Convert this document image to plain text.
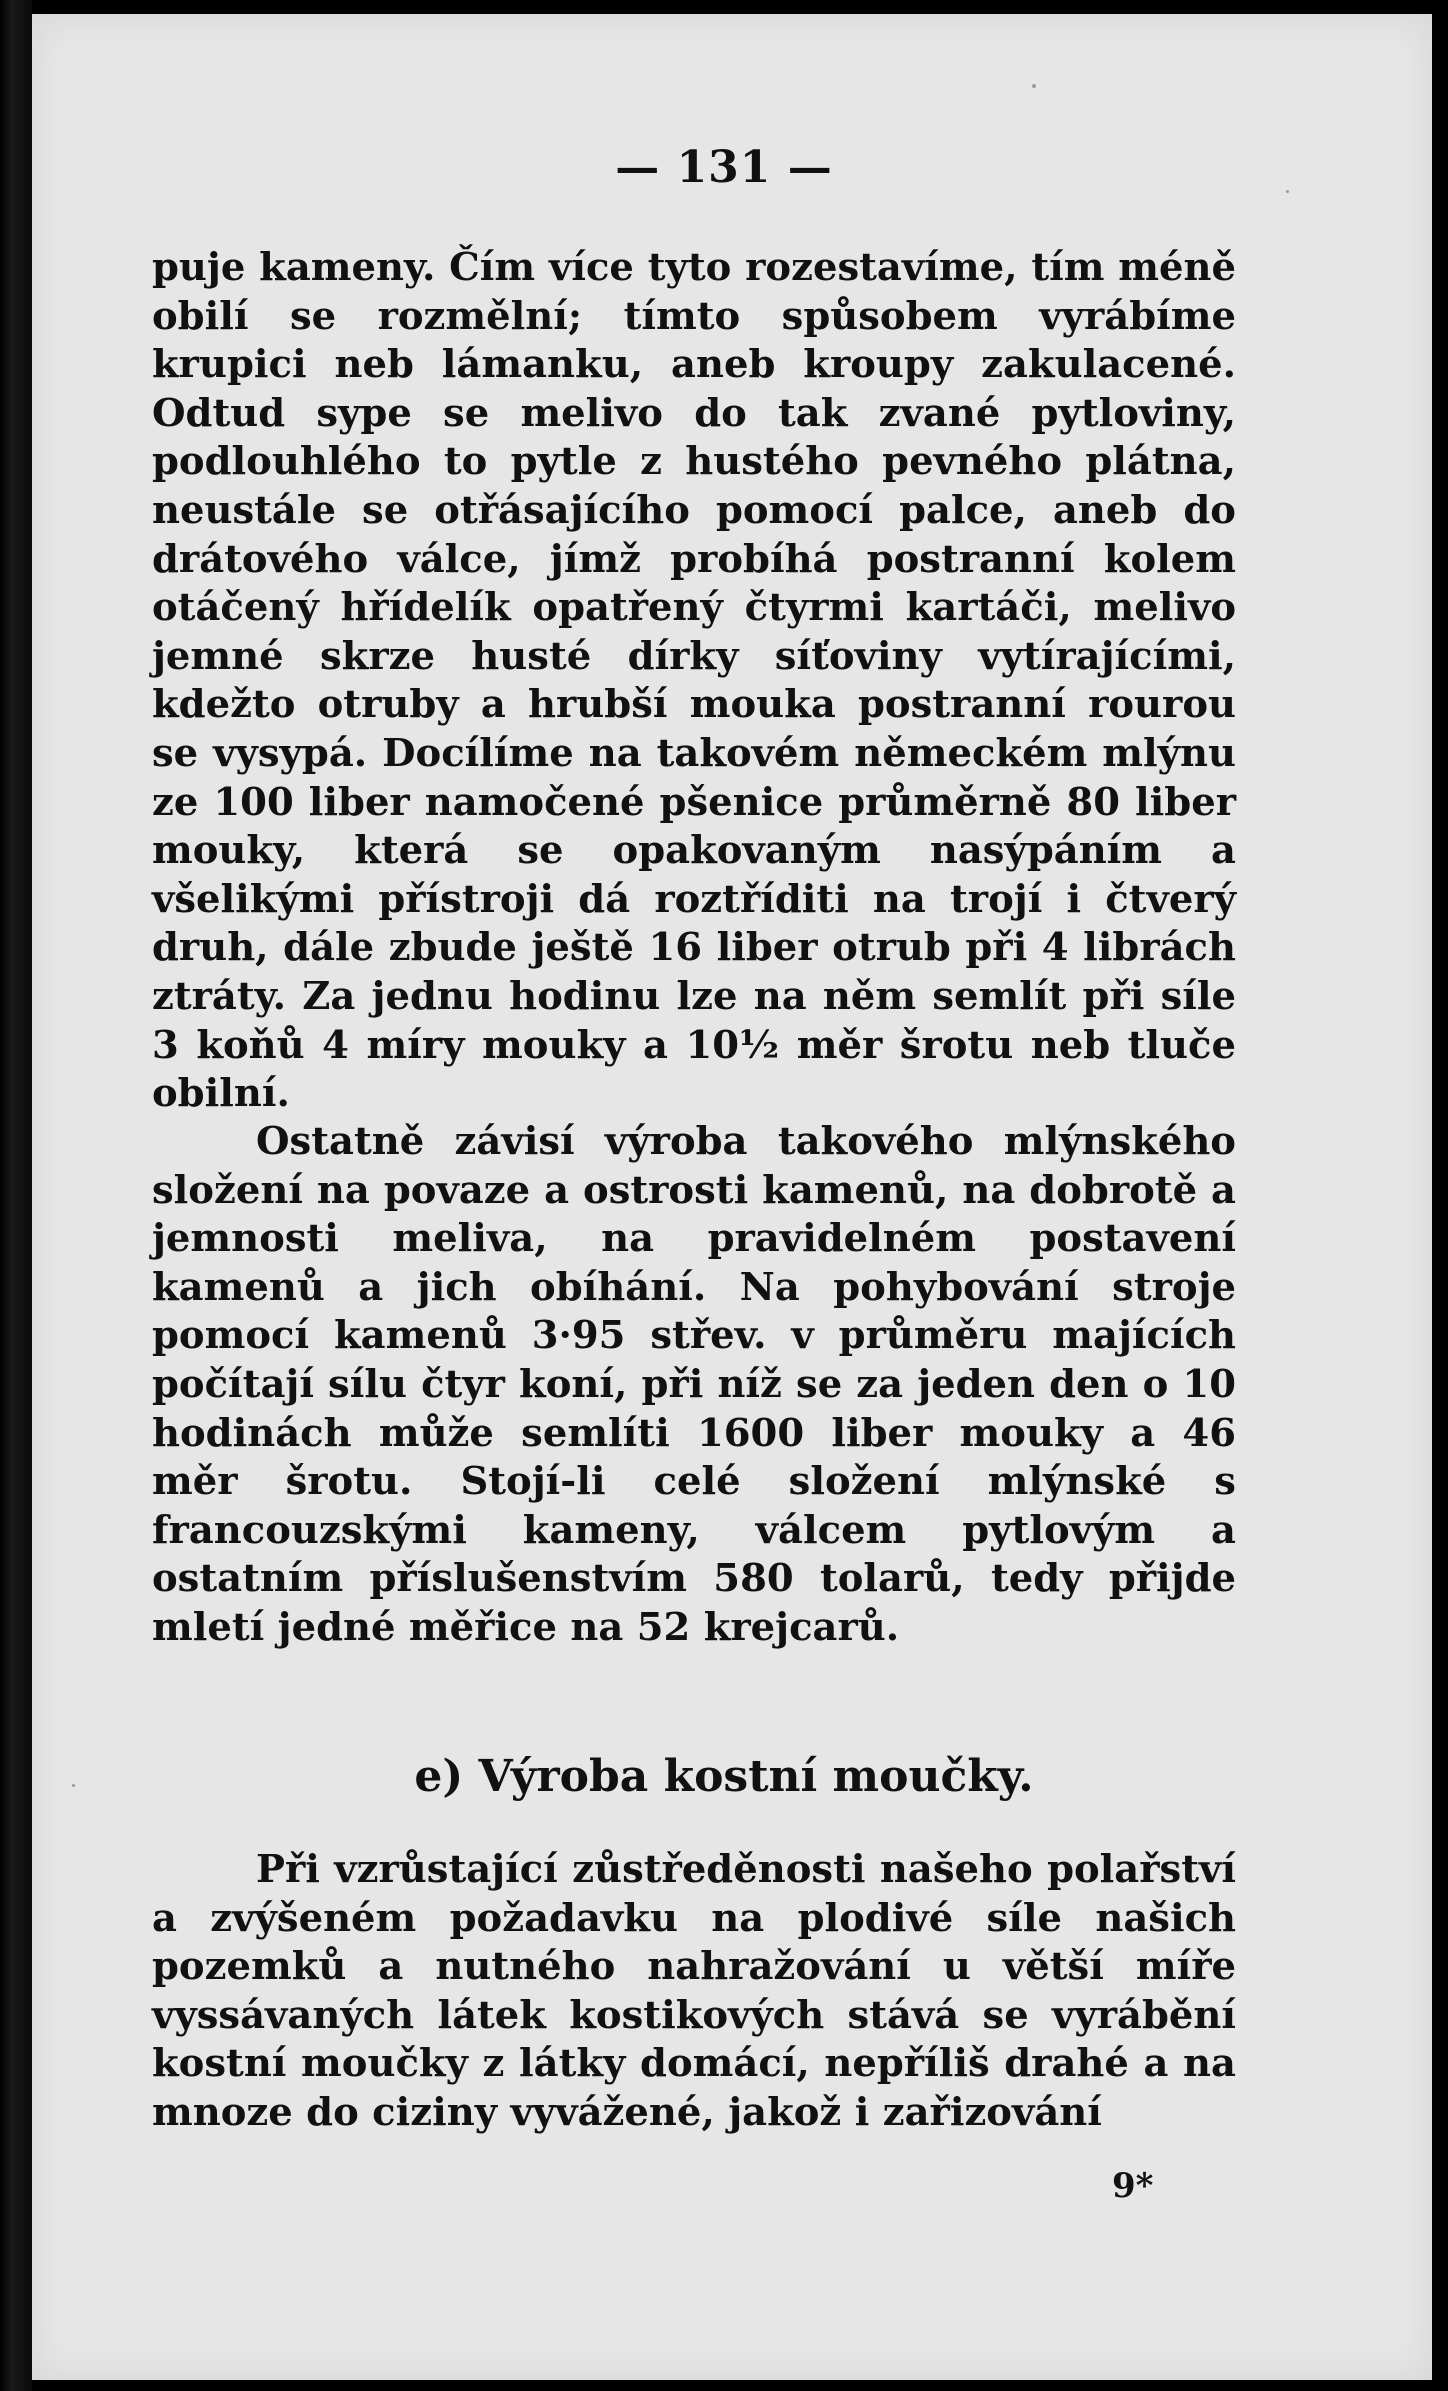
— 131 —

puje kameny. Čím více tyto rozestavíme, tím méně obilí se rozmělní; tímto spůsobem vyrábíme krupici neb lámanku, aneb kroupy zakulacené. Odtud sype se melivo do tak zvané pytloviny, podlouhlého to pytle z hustého pevného plátna, neustále se otřásajícího pomocí palce, aneb do drátového válce, jímž probíhá postranní kolem otáčený hřídelík opatřený čtyrmi kartáči, melivo jemné skrze husté dírky síťoviny vytírajícími, kdežto otruby a hrubší mouka postranní rourou se vysypá. Docílíme na takovém německém mlýnu ze 100 liber namočené pšenice průměrně 80 liber mouky, která se opakovaným nasýpáním a všelikými přístroji dá roztříditi na trojí i čtverý druh, dále zbude ještě 16 liber otrub při 4 librách ztráty. Za jednu hodinu lze na něm semlít při síle 3 koňů 4 míry mouky a 10½ měr šrotu neb tluče obilní.

Ostatně závisí výroba takového mlýnského složení na povaze a ostrosti kamenů, na dobrotě a jemnosti meliva, na pravidelném postavení kamenů a jich obíhání. Na pohybování stroje pomocí kamenů 3·95 střev. v průměru majících počítají sílu čtyr koní, při níž se za jeden den o 10 hodinách může semlíti 1600 liber mouky a 46 měr šrotu. Stojí-li celé složení mlýnské s francouzskými kameny, válcem pytlovým a ostatním příslušenstvím 580 tolarů, tedy přijde mletí jedné měřice na 52 krejcarů.

e) Výroba kostní moučky.

Při vzrůstající zůstředěnosti našeho polařství a zvýšeném požadavku na plodivé síle našich pozemků a nutného nahražování u větší míře vyssávaných látek kostikových stává se vyrábění kostní moučky z látky domácí, nepříliš drahé a na mnoze do ciziny vyvážené, jakož i zařizování

9*
